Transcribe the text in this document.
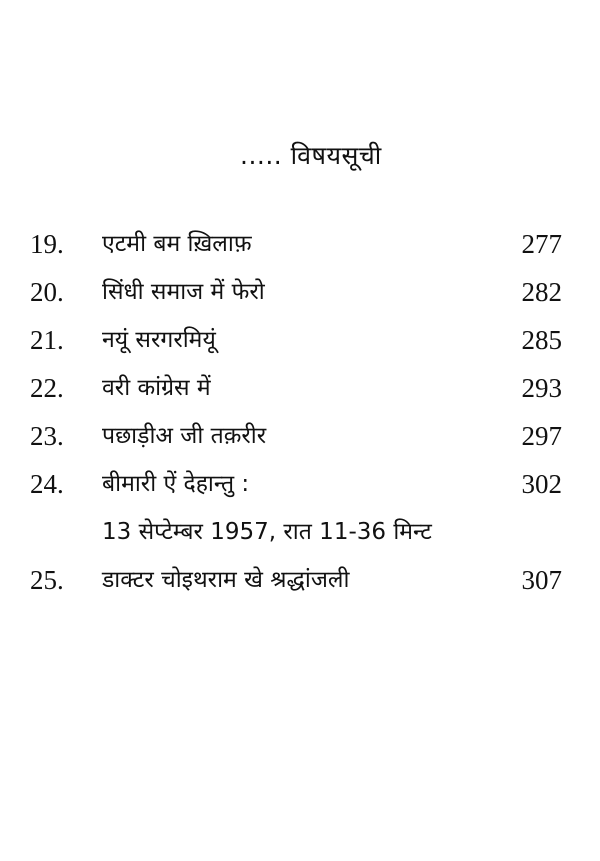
..... विषयसूची
19. एटमी बम ख़िलाफ़	277
20. सिंधी समाज में फेरो	282
21. नयूं सरगरमियूं	285
22. वरी कांग्रेस में	293
23. पछाड़ीअ जी तक़रीर	297
24. बीमारी ऐं देहान्तु :	302
13 सेप्टेम्बर 1957, रात 11-36 मिन्ट
25. डाक्टर चोइथराम खे श्रद्धांजली	307
